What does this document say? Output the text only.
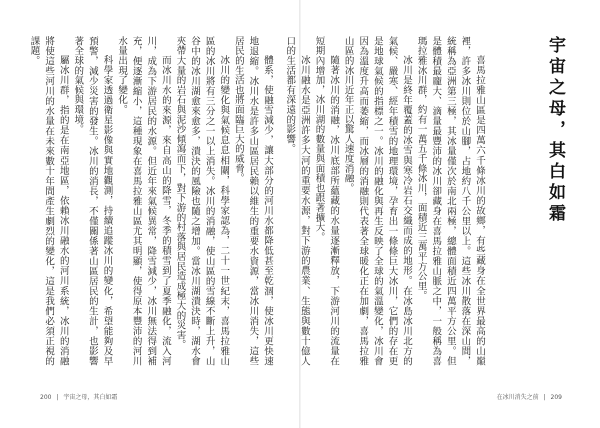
體系，使融雪減少，讓大部分的河川水都降低甚至乾涸，使冰川更快速地退縮。冰川水是許多山區居民賴以維生的重要水資源，當冰川消失，這些居民的生活也將面臨巨大的威脅。

冰川的變化與氣候息息相關，科學家認為，二十一世紀末，喜馬拉雅山區的冰川將有三分之一以上消失。冰川的消融，使山區的雪線不斷上升，山谷中的冰川湖愈來愈多，潰決的風險也隨之增加。當冰川湖潰決時，湖水會夾帶大量的岩石與泥沙傾瀉而下，對下游的村落與居民造成極大的災害。

而冰川水的來源，來自高山的降雪，冬季的積雪到了夏季融化，流入河川，成為下游居民的水源。但近年來氣候異常，降雪減少，冰川無法得到補充，便逐漸縮小，這種現象在喜馬拉雅山區尤其明顯，使得原本豐沛的河川水量出現了變化。

科學家透過衛星影像與實地觀測，持續追蹤冰川的變化，希望能夠及早預警，減少災害的發生。冰川的消長，不僅關係著山區居民的生計，也影響著全球的氣候與環境。

屬冰川群，指的是在南亞地區，依賴冰川融水的河川系統，冰川的消融將使這些河川的水量在未來數十年間產生劇烈的變化，這是我們必須正視的課題。

喜馬拉雅山區是四萬六千條冰川的故鄉，有些藏身在全世界最高的山巔裡，許多冰川則位於山腳，占地約八千公里以上。這些冰川散落在深山間，統稱為亞洲第三極，其冰量僅次於南北兩極，總體面積近四萬平方公里。但是體積最龐大、滴量最豐沛的冰川卻藏身在喜馬拉雅山脈之中，一般稱為喜瑪拉雅冰川群，約有一萬五千條冰川，面積近三萬平方公里。

冰川是終年覆蓋的冰雪與寒冷岩石交織而成的地形。在冰島冰川北方的氣候、嚴寒、經年積雪的地理環境，孕育出一條條巨大冰川，它們的存在更是地球氣候的指標之一。冰川的融化與再生反映了全球的氣溫變化，冰川會因為溫度升高而萎縮，而冰層的消融則代表著全球暖化正在加劇，喜馬拉雅山區的冰川近年正以驚人速度消融。

隨著冰川的消融，冰川底部所蘊藏的水量逐漸釋放，下游河川的流量在短期內增加，冰川湖的數量與面積也跟著擴大。

冰川融水是亞洲許多大河的重要水源，對下游的農業、生態與數十億人口的生活都有深遠的影響。	宇宙之母，其白如霜
200 | 宇宙之母，其白如霜	在冰川消失之前 | 209
